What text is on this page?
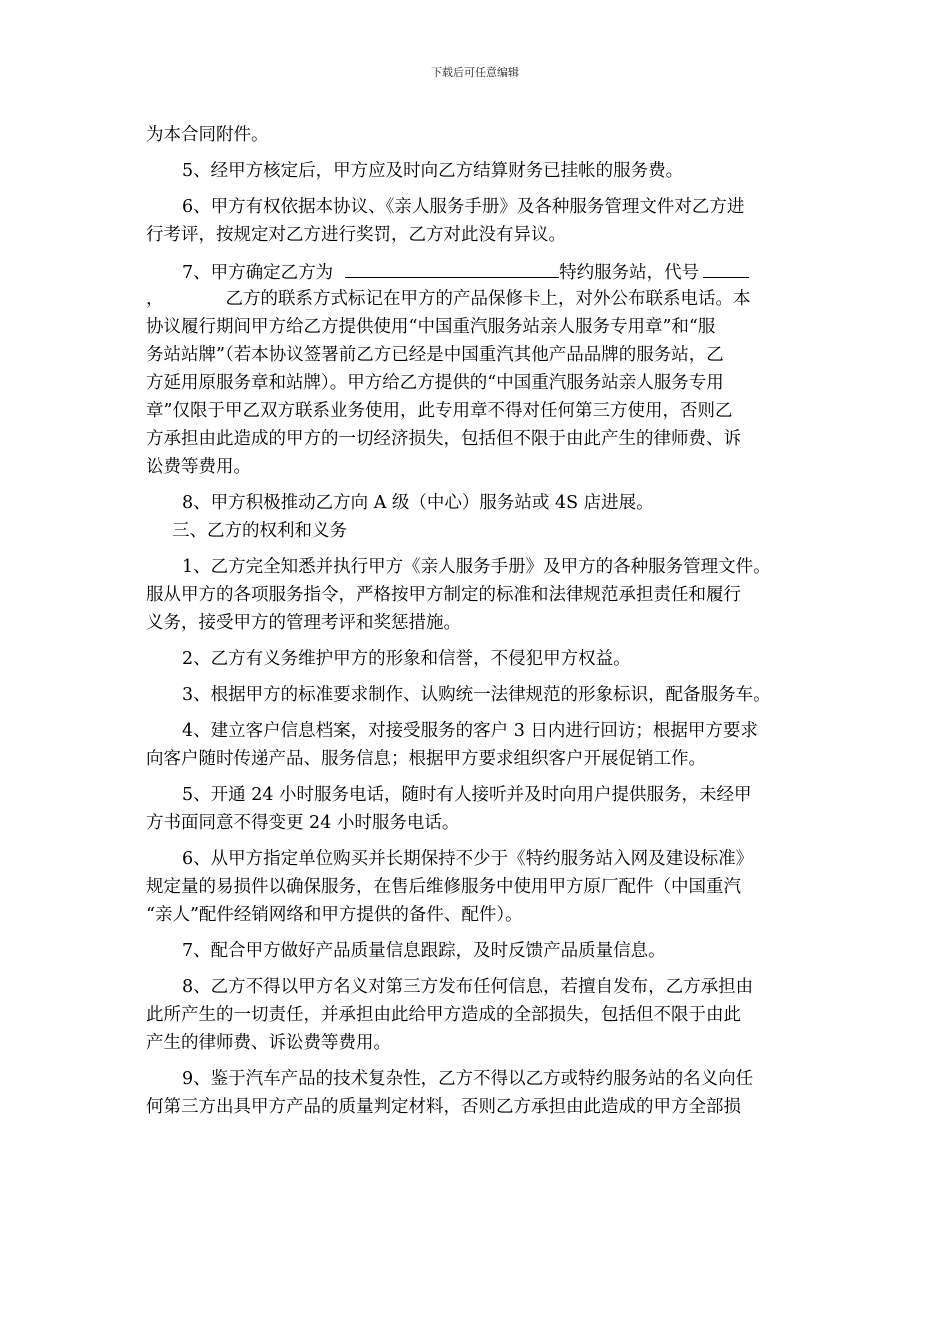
下载后可任意编辑
为本合同附件。
5、经甲方核定后，甲方应及时向乙方结算财务已挂帐的服务费。
6、甲方有权依据本协议、《亲人服务手册》及各种服务管理文件对乙方进
行考评，按规定对乙方进行奖罚，乙方对此没有异议。
7、甲方确定乙方为	特约服务站，代号
，	乙方的联系方式标记在甲方的产品保修卡上，对外公布联系电话。本
协议履行期间甲方给乙方提供使用“中国重汽服务站亲人服务专用章”和“服
务站站牌”（若本协议签署前乙方已经是中国重汽其他产品品牌的服务站，乙
方延用原服务章和站牌）。甲方给乙方提供的“中国重汽服务站亲人服务专用
章”仅限于甲乙双方联系业务使用，此专用章不得对任何第三方使用，否则乙
方承担由此造成的甲方的一切经济损失，包括但不限于由此产生的律师费、诉
讼费等费用。
8、甲方积极推动乙方向 A 级（中心）服务站或 4S 店进展。
三、乙方的权利和义务
1、乙方完全知悉并执行甲方《亲人服务手册》及甲方的各种服务管理文件。
服从甲方的各项服务指令，严格按甲方制定的标准和法律规范承担责任和履行
义务，接受甲方的管理考评和奖惩措施。
2、乙方有义务维护甲方的形象和信誉，不侵犯甲方权益。
3、根据甲方的标准要求制作、认购统一法律规范的形象标识，配备服务车。
4、建立客户信息档案，对接受服务的客户 3 日内进行回访；根据甲方要求
向客户随时传递产品、服务信息；根据甲方要求组织客户开展促销工作。
5、开通 24 小时服务电话，随时有人接听并及时向用户提供服务，未经甲
方书面同意不得变更 24 小时服务电话。
6、从甲方指定单位购买并长期保持不少于《特约服务站入网及建设标准》
规定量的易损件以确保服务，在售后维修服务中使用甲方原厂配件（中国重汽
“亲人”配件经销网络和甲方提供的备件、配件）。
7、配合甲方做好产品质量信息跟踪，及时反馈产品质量信息。
8、乙方不得以甲方名义对第三方发布任何信息，若擅自发布，乙方承担由
此所产生的一切责任，并承担由此给甲方造成的全部损失，包括但不限于由此
产生的律师费、诉讼费等费用。
9、鉴于汽车产品的技术复杂性，乙方不得以乙方或特约服务站的名义向任
何第三方出具甲方产品的质量判定材料，否则乙方承担由此造成的甲方全部损
